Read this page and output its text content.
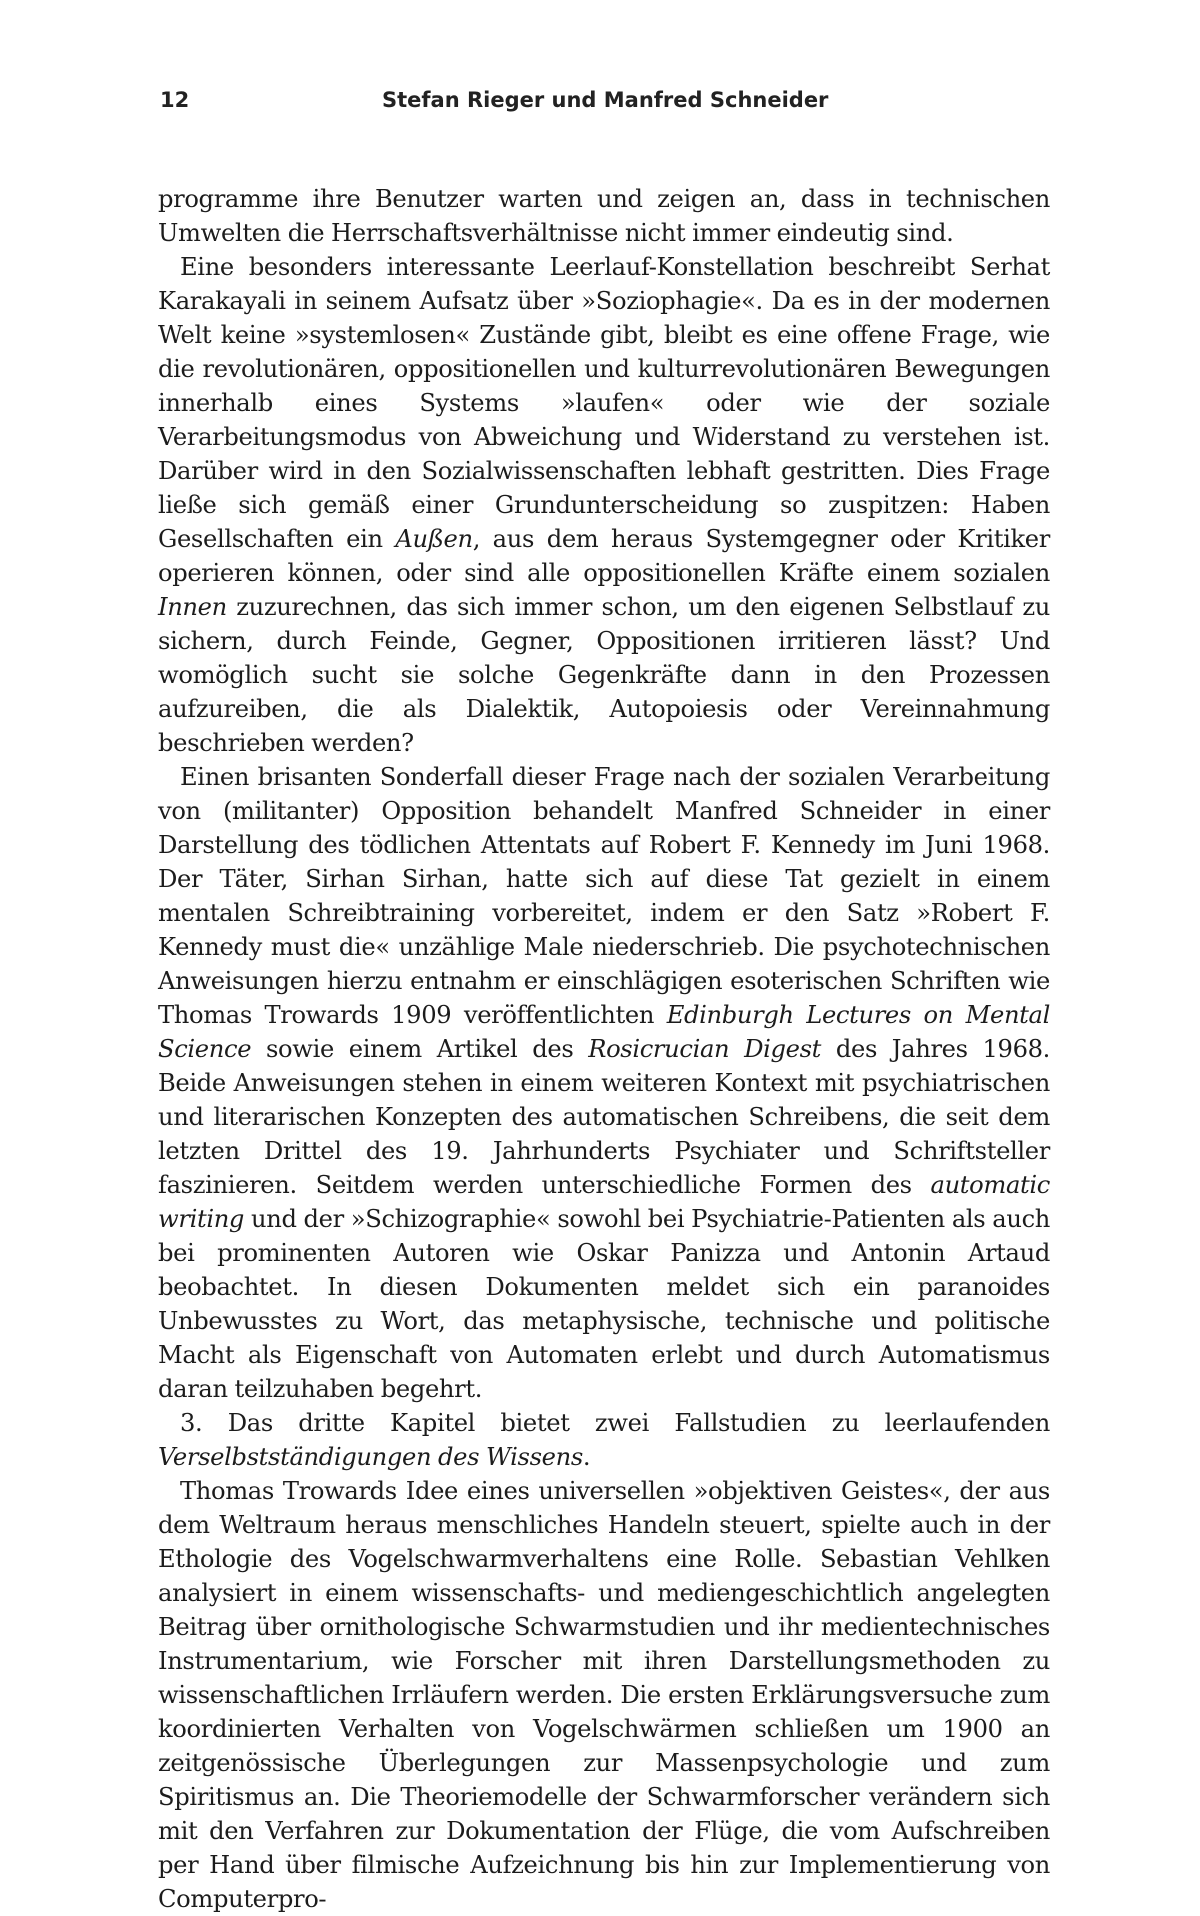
12	Stefan Rieger und Manfred Schneider

programme ihre Benutzer warten und zeigen an, dass in technischen Umwelten die Herrschaftsverhältnisse nicht immer eindeutig sind.

Eine besonders interessante Leerlauf-Konstellation beschreibt Serhat Karakayali in seinem Aufsatz über »Soziophagie«. Da es in der modernen Welt keine »systemlosen« Zustände gibt, bleibt es eine offene Frage, wie die revolutionären, oppositionellen und kulturrevolutionären Bewegungen innerhalb eines Systems »laufen« oder wie der soziale Verarbeitungsmodus von Abweichung und Widerstand zu verstehen ist. Darüber wird in den Sozialwissenschaften lebhaft gestritten. Dies Frage ließe sich gemäß einer Grundunterscheidung so zuspitzen: Haben Gesellschaften ein Außen, aus dem heraus Systemgegner oder Kritiker operieren können, oder sind alle oppositionellen Kräfte einem sozialen Innen zuzurechnen, das sich immer schon, um den eigenen Selbstlauf zu sichern, durch Feinde, Gegner, Oppositionen irritieren lässt? Und womöglich sucht sie solche Gegenkräfte dann in den Prozessen aufzureiben, die als Dialektik, Autopoiesis oder Vereinnahmung beschrieben werden?

Einen brisanten Sonderfall dieser Frage nach der sozialen Verarbeitung von (militanter) Opposition behandelt Manfred Schneider in einer Darstellung des tödlichen Attentats auf Robert F. Kennedy im Juni 1968. Der Täter, Sirhan Sirhan, hatte sich auf diese Tat gezielt in einem mentalen Schreibtraining vorbereitet, indem er den Satz »Robert F. Kennedy must die« unzählige Male niederschrieb. Die psychotechnischen Anweisungen hierzu entnahm er einschlägigen esoterischen Schriften wie Thomas Trowards 1909 veröffentlichten Edinburgh Lectures on Mental Science sowie einem Artikel des Rosicrucian Digest des Jahres 1968. Beide Anweisungen stehen in einem weiteren Kontext mit psychiatrischen und literarischen Konzepten des automatischen Schreibens, die seit dem letzten Drittel des 19. Jahrhunderts Psychiater und Schriftsteller faszinieren. Seitdem werden unterschiedliche Formen des automatic writing und der »Schizographie« sowohl bei Psychiatrie-Patienten als auch bei prominenten Autoren wie Oskar Panizza und Antonin Artaud beobachtet. In diesen Dokumenten meldet sich ein paranoides Unbewusstes zu Wort, das metaphysische, technische und politische Macht als Eigenschaft von Automaten erlebt und durch Automatismus daran teilzuhaben begehrt.

3. Das dritte Kapitel bietet zwei Fallstudien zu leerlaufenden Verselbstständigungen des Wissens.

Thomas Trowards Idee eines universellen »objektiven Geistes«, der aus dem Weltraum heraus menschliches Handeln steuert, spielte auch in der Ethologie des Vogelschwarmverhaltens eine Rolle. Sebastian Vehlken analysiert in einem wissenschafts- und mediengeschichtlich angelegten Beitrag über ornithologische Schwarmstudien und ihr medientechnisches Instrumentarium, wie Forscher mit ihren Darstellungsmethoden zu wissenschaftlichen Irrläufern werden. Die ersten Erklärungsversuche zum koordinierten Verhalten von Vogelschwärmen schließen um 1900 an zeitgenössische Überlegungen zur Massenpsychologie und zum Spiritismus an. Die Theoriemodelle der Schwarmforscher verändern sich mit den Verfahren zur Dokumentation der Flüge, die vom Aufschreiben per Hand über filmische Aufzeichnung bis hin zur Implementierung von Computerpro-
